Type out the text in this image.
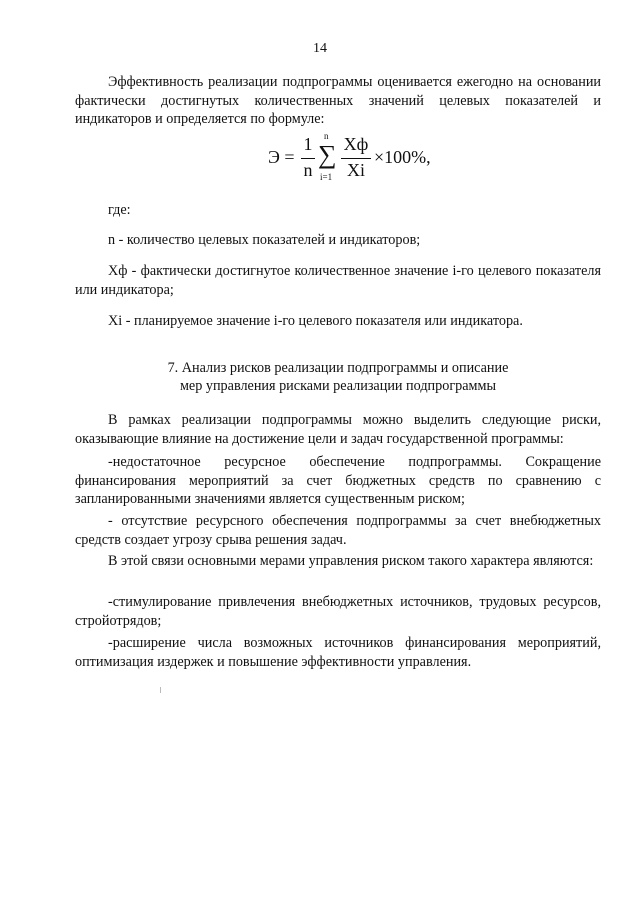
14

Эффективность реализации подпрограммы оценивается ежегодно на основании фактически достигнутых количественных значений целевых показателей и индикаторов и определяется по формуле:

Э =
1
n
∑
n
i=1
Xф
Xi
×100%,

где:

n - количество целевых показателей и индикаторов;

Хф - фактически достигнутое количественное значение i-го целевого показателя или индикатора;

Xi - планируемое значение i-го целевого показателя или индикатора.

7. Анализ рисков реализации подпрограммы и описание
мер управления рисками реализации подпрограммы

В рамках реализации подпрограммы можно выделить следующие риски, оказывающие влияние на достижение цели и задач государственной программы:

-недостаточное ресурсное обеспечение подпрограммы. Сокращение финансирования мероприятий за счет бюджетных средств по сравнению с запланированными значениями является существенным риском;

- отсутствие ресурсного обеспечения подпрограммы за счет внебюджетных средств создает угрозу срыва решения задач.

В этой связи основными мерами управления риском такого характера являются:

-стимулирование привлечения внебюджетных источников, трудовых ресурсов, стройотрядов;

-расширение числа возможных источников финансирования мероприятий, оптимизация издержек и повышение эффективности управления.
